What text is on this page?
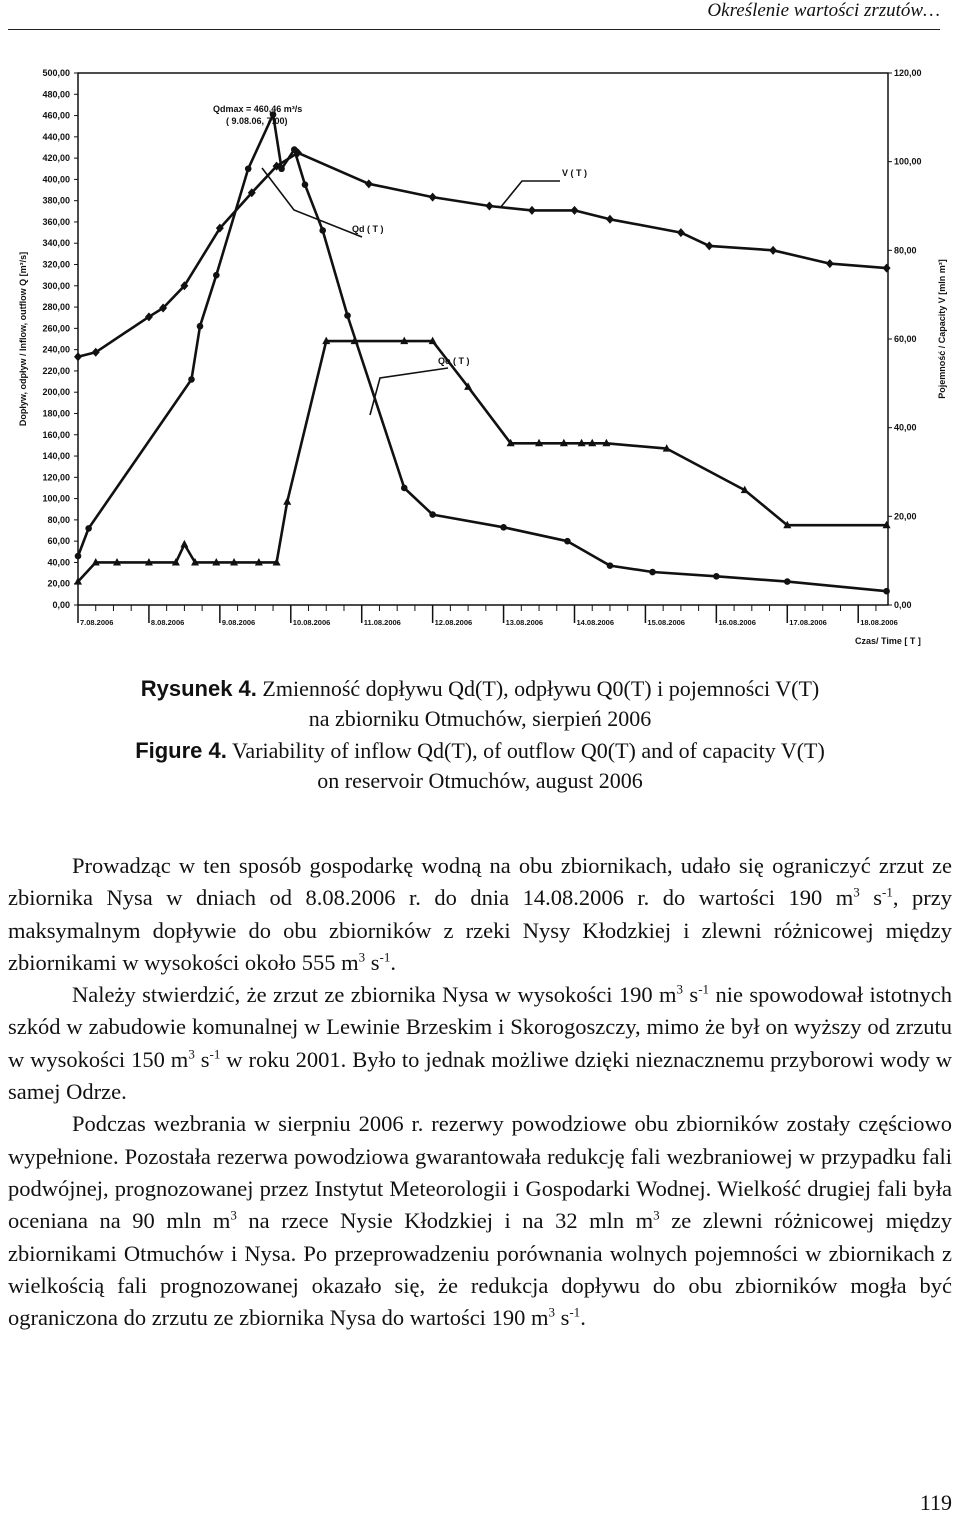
Określenie wartości zrzutów…
0,00
20,00
40,00
60,00
80,00
100,00
120,00
140,00
160,00
180,00
200,00
220,00
240,00
260,00
280,00
300,00
320,00
340,00
360,00
380,00
400,00
420,00
440,00
460,00
480,00
500,00
0,00
20,00
40,00
60,00
80,00
100,00
120,00
Dopływ, odpływ / Inflow, outflow Q [m³/s]	Pojemność / Capacity V [mln m³]
Czas/ Time [ T ]
7.08.2006	8.08.2006	9.08.2006	10.08.2006	11.08.2006	12.08.2006	13.08.2006	14.08.2006	15.08.2006	16.08.2006	17.08.2006	18.08.2006
Qd ( T )
Qo ( T )
V ( T )
Qdmax = 460,46 m³/s
( 9.08.06, 7:00)
Rysunek 4. Zmienność dopływu Qd(T), odpływu Q0(T) i pojemności V(T)
na zbiorniku Otmuchów, sierpień 2006
Figure 4. Variability of inflow Qd(T), of outflow Q0(T) and of capacity V(T)
on reservoir Otmuchów, august 2006

Prowadząc w ten sposób gospodarkę wodną na obu zbiornikach, udało się ograniczyć zrzut ze zbiornika Nysa w dniach od 8.08.2006 r. do dnia 14.08.2006 r. do wartości 190 $m^3$ $s^{-1}$, przy maksymalnym dopływie do obu zbiorników z rzeki Nysy Kłodzkiej i zlewni różnicowej między zbiornikami w wysokości około 555 $m^3$ $s^{-1}$.

Należy stwierdzić, że zrzut ze zbiornika Nysa w wysokości 190 $m^3$ $s^{-1}$ nie spowodował istotnych szkód w zabudowie komunalnej w Lewinie Brzeskim i Skorogoszczy, mimo że był on wyższy od zrzutu w wysokości 150 $m^3$ $s^{-1}$ w roku 2001. Było to jednak możliwe dzięki nieznacznemu przyborowi wody w samej Odrze.

Podczas wezbrania w sierpniu 2006 r. rezerwy powodziowe obu zbiorników zostały częściowo wypełnione. Pozostała rezerwa powodziowa gwarantowała redukcję fali wezbraniowej w przypadku fali podwójnej, prognozowanej przez Instytut Meteorologii i Gospodarki Wodnej. Wielkość drugiej fali była oceniana na 90 mln $m^3$ na rzece Nysie Kłodzkiej i na 32 mln $m^3$ ze zlewni różnicowej między zbiornikami Otmuchów i Nysa. Po przeprowadzeniu porównania wolnych pojemności w zbiornikach z wielkością fali prognozowanej okazało się, że redukcja dopływu do obu zbiorników mogła być ograniczona do zrzutu ze zbiornika Nysa do wartości 190 $m^3$ $s^{-1}$.

119
